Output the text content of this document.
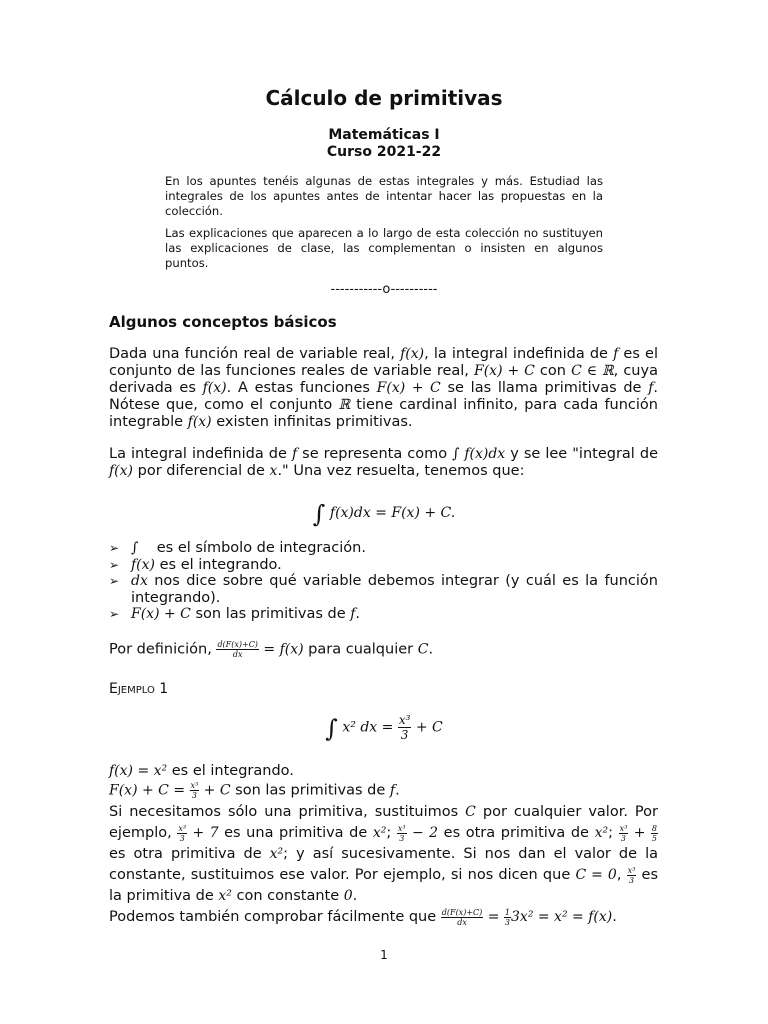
Cálculo de primitivas
Matemáticas I
Curso 2021-22
En los apuntes tenéis algunas de estas integrales y más. Estudiad las integrales de los apuntes antes de intentar hacer las propuestas en la colección.
Las explicaciones que aparecen a lo largo de esta colección no sustituyen las explicaciones de clase, las complementan o insisten en algunos puntos.
-----------o----------
Algunos conceptos básicos
Dada una función real de variable real, f(x), la integral indefinida de f es el conjunto de las funciones reales de variable real, F(x) + C con C ∈ ℝ, cuya derivada es f(x). A estas funciones F(x) + C se las llama primitivas de f. Nótese que, como el conjunto ℝ tiene cardinal infinito, para cada función integrable f(x) existen infinitas primitivas.
La integral indefinida de f se representa como ∫ f(x)dx y se lee "integral de f(x) por diferencial de x." Una vez resuelta, tenemos que:
∫ f(x)dx = F(x) + C.
➢ ∫ es el símbolo de integración.
➢ f(x) es el integrando.
➢ dx nos dice sobre qué variable debemos integrar (y cuál es la función integrando).
➢ F(x) + C son las primitivas de f.
Por definición, $\frac{d(F(x)+C)}{dx} = f(x)$ para cualquier C.
Ejemplo 1
∫ x² dx = $\frac{\text{x³}}{3} + C$
f(x) = x² es el integrando.
$F(x) + C = \frac{\text{x³}}{3} + C$ son las primitivas de f.
Si necesitamos sólo una primitiva, sustituimos C por cualquier valor. Por ejemplo, $\frac{\text{x³}}{3} + 7$ es una primitiva de x²; $\frac{\text{x³}}{3} - 2$ es otra primitiva de x²; $\frac{\text{x³}}{3} + \frac{8}{5}$
es otra primitiva de x²; y así sucesivamente. Si nos dan el valor de la constante, sustituimos ese valor. Por ejemplo, si nos dicen que C = 0, $\frac{\text{x³}}{3}$ es la primitiva de x² con constante 0.
Podemos también comprobar fácilmente que $\frac{d(F(x)+C)}{dx} = \frac{1}{3} 3x^2 = x^2 = f(x)$.
1
